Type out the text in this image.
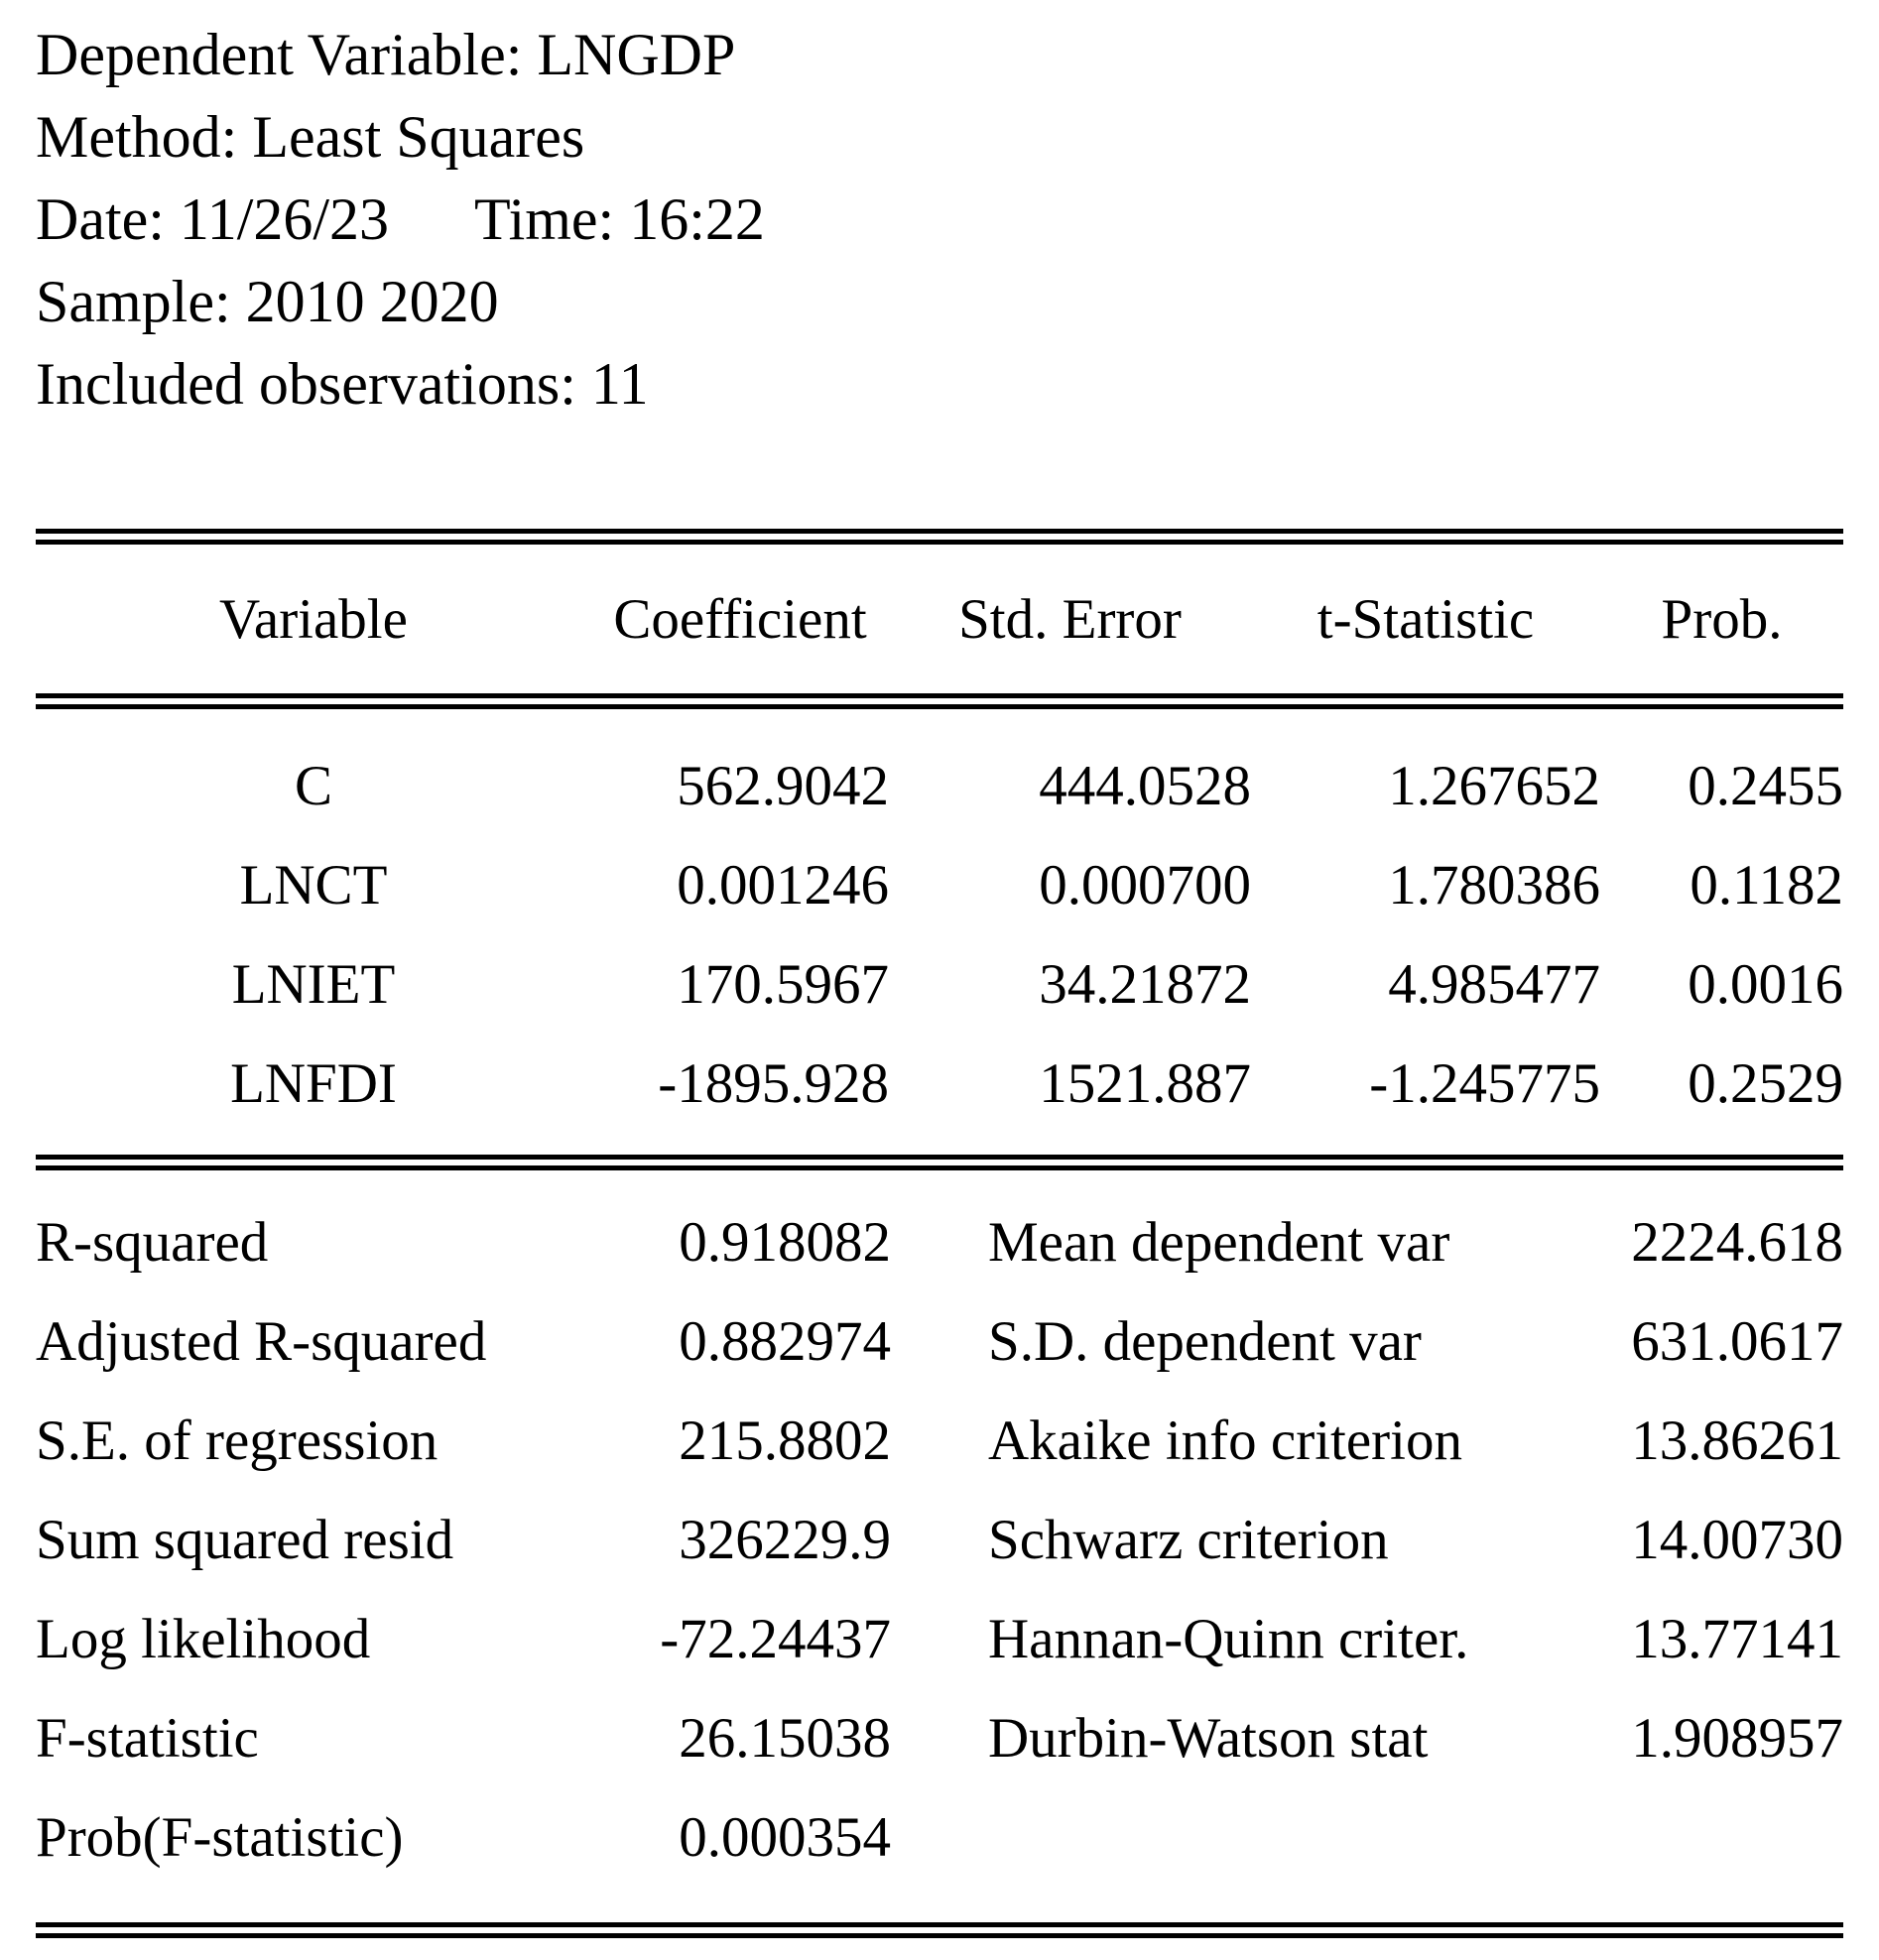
Dependent Variable: LNGDP
Method: Least Squares
Date: 11/26/23 Time: 16:22
Sample: 2010 2020
Included observations: 11
Variable	Coefficient	Std. Error	t-Statistic	Prob.
C	562.9042	444.0528	1.267652	0.2455
LNCT	0.001246	0.000700	1.780386	0.1182
LNIET	170.5967	34.21872	4.985477	0.0016
LNFDI	-1895.928	1521.887	-1.245775	0.2529
R-squared	0.918082 Mean dependent var	2224.618
Adjusted R-squared	0.882974 S.D. dependent var	631.0617
S.E. of regression	215.8802 Akaike info criterion	13.86261
Sum squared resid	326229.9 Schwarz criterion	14.00730
Log likelihood	-72.24437 Hannan-Quinn criter.	13.77141
F-statistic	26.15038 Durbin-Watson stat	1.908957
Prob(F-statistic)	0.000354
